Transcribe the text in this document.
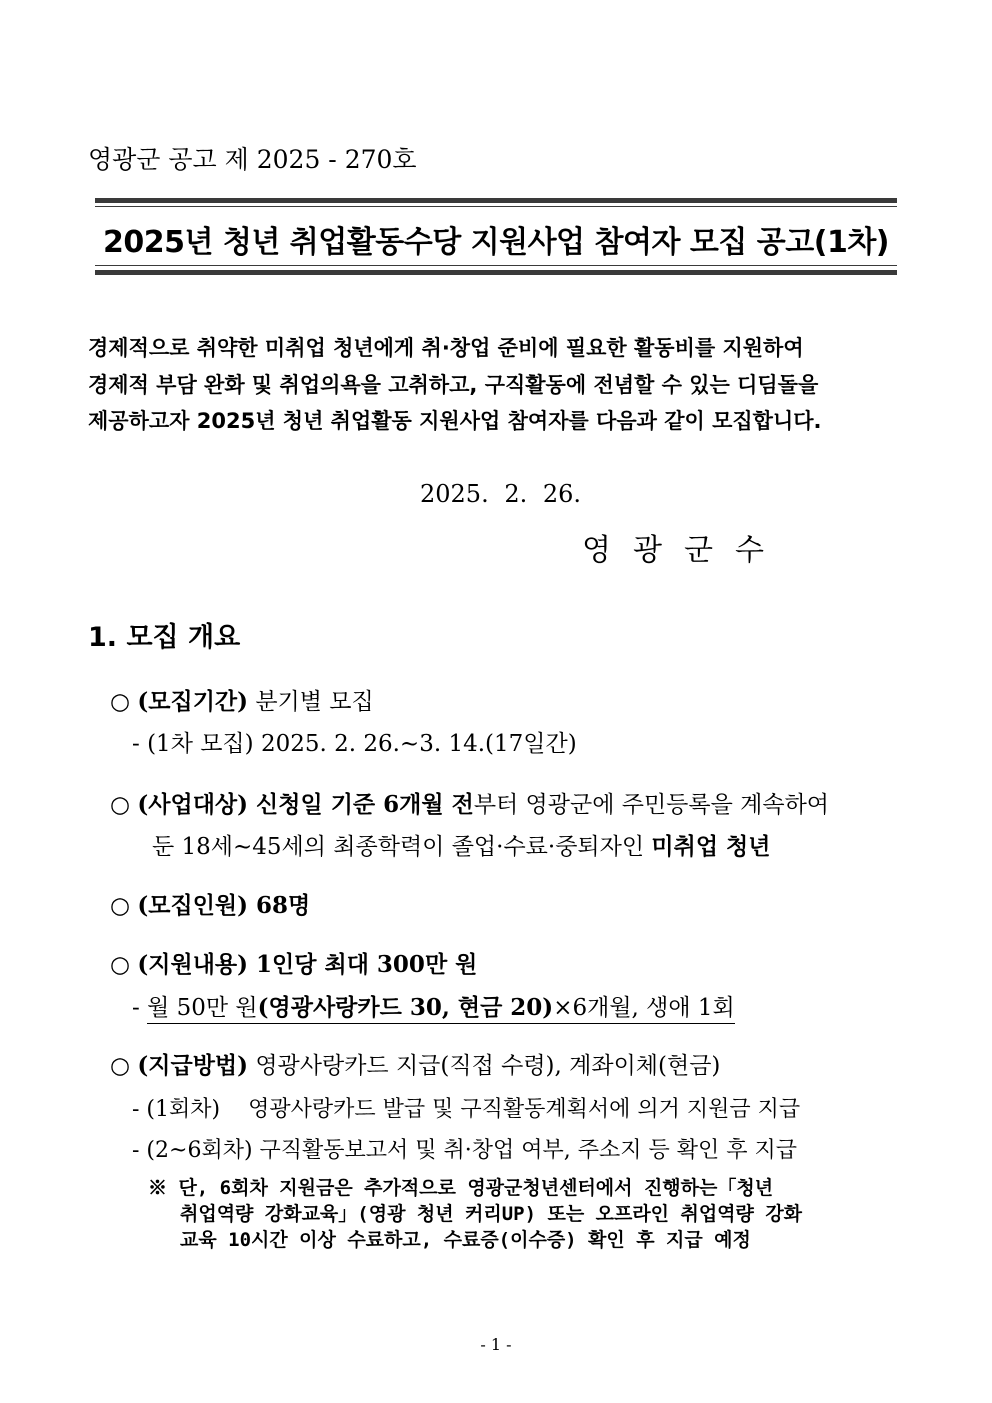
영광군 공고 제 2025 - 270호
2025년 청년 취업활동수당 지원사업 참여자 모집 공고(1차)
경제적으로 취약한 미취업 청년에게 취·창업 준비에 필요한 활동비를 지원하여
경제적 부담 완화 및 취업의욕을 고취하고, 구직활동에 전념할 수 있는 디딤돌을
제공하고자 2025년 청년 취업활동 지원사업 참여자를 다음과 같이 모집합니다.
2025. 2. 26.
영광군수
1. 모집 개요
○ (모집기간) 분기별 모집
- (1차 모집) 2025. 2. 26.∼3. 14.(17일간)
○ (사업대상) 신청일 기준 6개월 전부터 영광군에 주민등록을 계속하여
둔 18세∼45세의 최종학력이 졸업·수료·중퇴자인 미취업 청년
○ (모집인원) 68명
○ (지원내용) 1인당 최대 300만 원
- 월 50만 원(영광사랑카드 30, 현금 20)×6개월, 생애 1회
○ (지급방법) 영광사랑카드 지급(직접 수령), 계좌이체(현금)
- (1회차)    영광사랑카드 발급 및 구직활동계획서에 의거 지원금 지급
- (2~6회차) 구직활동보고서 및 취·창업 여부, 주소지 등 확인 후 지급
※ 단, 6회차 지원금은 추가적으로 영광군청년센터에서 진행하는「청년
취업역량 강화교육」(영광 청년 커리UP) 또는 오프라인 취업역량 강화
교육 10시간 이상 수료하고, 수료증(이수증) 확인 후 지급 예정
- 1 -
